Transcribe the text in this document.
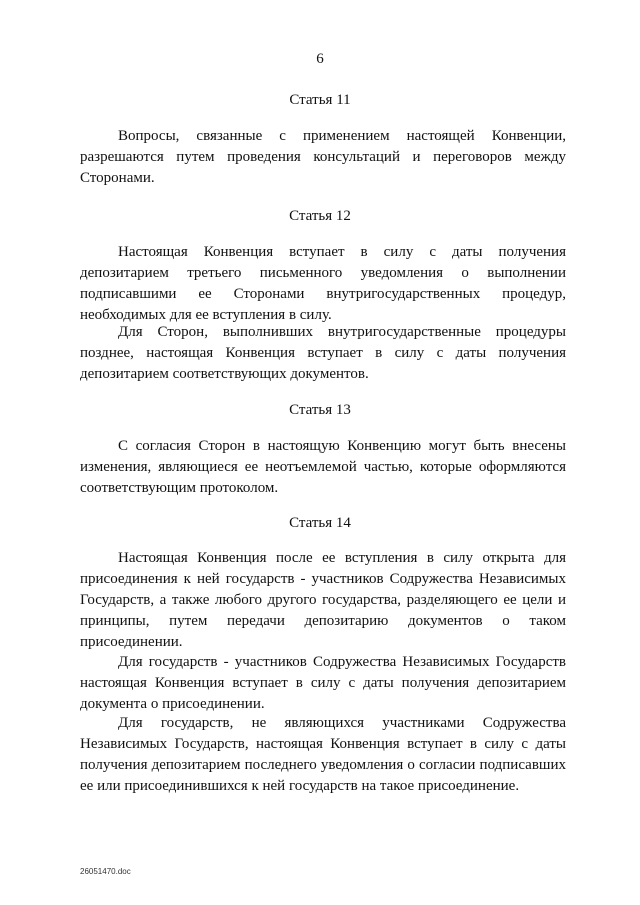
6
Статья 11

Вопросы, связанные с применением настоящей Конвенции, разрешаются путем проведения консультаций и переговоров между Сторонами.

Статья 12

Настоящая Конвенция вступает в силу с даты получения депозитарием третьего письменного уведомления о выполнении подписавшими ее Сторонами внутригосударственных процедур, необходимых для ее вступления в силу.

Для Сторон, выполнивших внутригосударственные процедуры позднее, настоящая Конвенция вступает в силу с даты получения депозитарием соответствующих документов.

Статья 13

С согласия Сторон в настоящую Конвенцию могут быть внесены изменения, являющиеся ее неотъемлемой частью, которые оформляются соответствующим протоколом.

Статья 14

Настоящая Конвенция после ее вступления в силу открыта для присоединения к ней государств - участников Содружества Независимых Государств, а также любого другого государства, разделяющего ее цели и принципы, путем передачи депозитарию документов о таком присоединении.

Для государств - участников Содружества Независимых Государств настоящая Конвенция вступает в силу с даты получения депозитарием документа о присоединении.

Для государств, не являющихся участниками Содружества Независимых Государств, настоящая Конвенция вступает в силу с даты получения депозитарием последнего уведомления о согласии подписавших ее или присоединившихся к ней государств на такое присоединение.

26051470.doc
